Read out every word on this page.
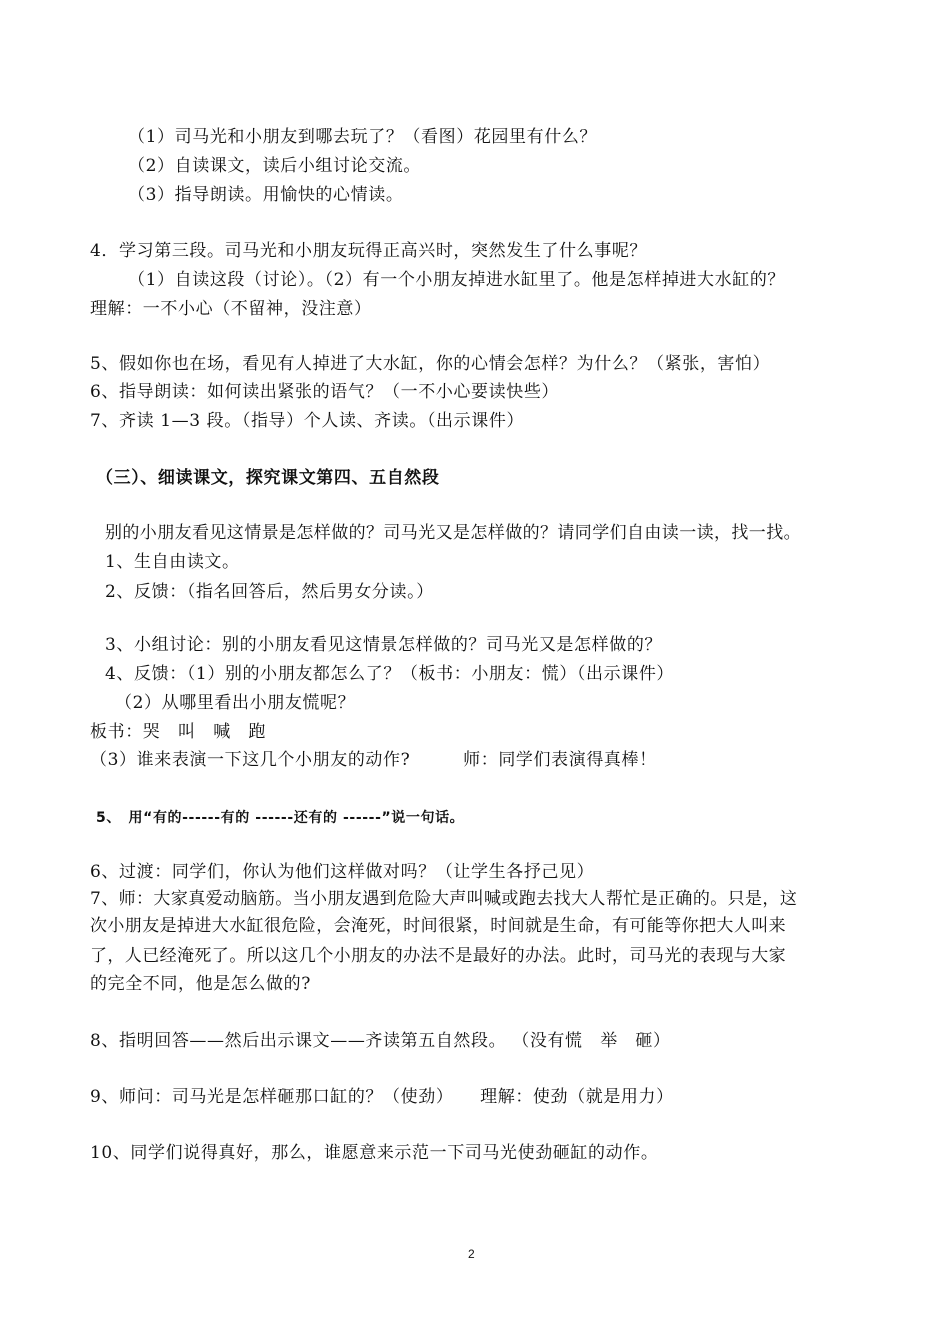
（1）司马光和小朋友到哪去玩了？（看图）花园里有什么？
（2）自读课文，读后小组讨论交流。
（3）指导朗读。用愉快的心情读。
4．学习第三段。司马光和小朋友玩得正高兴时，突然发生了什么事呢？
（1）自读这段（讨论）。（2）有一个小朋友掉进水缸里了。他是怎样掉进大水缸的？
理解：一不小心（不留神，没注意）
5、假如你也在场，看见有人掉进了大水缸，你的心情会怎样？为什么？（紧张，害怕）
6、指导朗读：如何读出紧张的语气？（一不小心要读快些）
7、齐读 1—3 段。（指导）个人读、齐读。（出示课件）
（三）、细读课文，探究课文第四、五自然段
别的小朋友看见这情景是怎样做的？司马光又是怎样做的？请同学们自由读一读，找一找。
1、生自由读文。
2、反馈：（指名回答后，然后男女分读。）
3、小组讨论：别的小朋友看见这情景怎样做的？司马光又是怎样做的？
4、反馈：（1）别的小朋友都怎么了？（板书：小朋友：慌）（出示课件）
（2）从哪里看出小朋友慌呢？
板书：哭　叫　喊　跑
（3）谁来表演一下这几个小朋友的动作?　　　师：同学们表演得真棒！
5、　用“有的------有的 ------还有的 ------”说一句话。
6、过渡：同学们，你认为他们这样做对吗？（让学生各抒己见）
7、师：大家真爱动脑筋。当小朋友遇到危险大声叫喊或跑去找大人帮忙是正确的。只是，这
次小朋友是掉进大水缸很危险，会淹死，时间很紧，时间就是生命，有可能等你把大人叫来
了，人已经淹死了。所以这几个小朋友的办法不是最好的办法。此时，司马光的表现与大家
的完全不同，他是怎么做的?
8、指明回答——然后出示课文——齐读第五自然段。 （没有慌　举　砸）
9、师问：司马光是怎样砸那口缸的？（使劲）　　理解：使劲（就是用力）
10、同学们说得真好，那么，谁愿意来示范一下司马光使劲砸缸的动作。
2
